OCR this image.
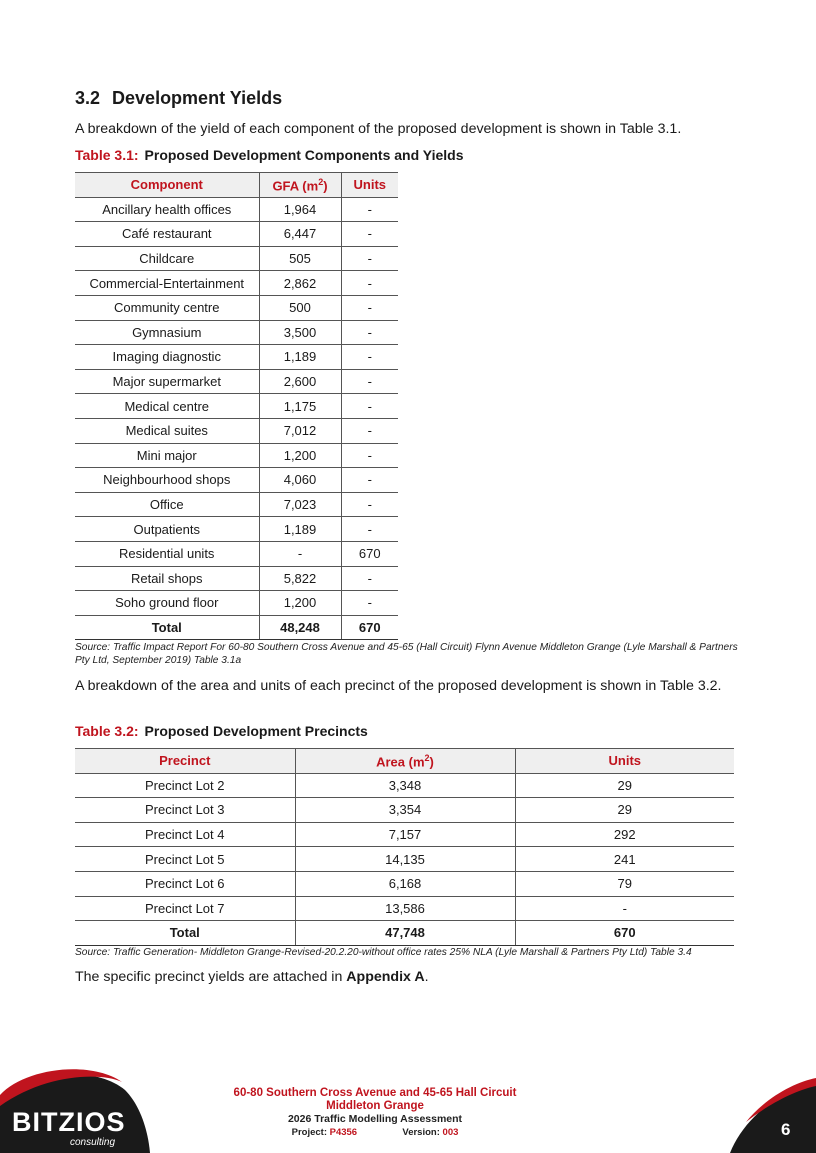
3.2 Development Yields
A breakdown of the yield of each component of the proposed development is shown in Table 3.1.
Table 3.1: Proposed Development Components and Yields
Component	GFA $(m^2)$	Units
Ancillary health offices	1,964	-
Café restaurant	6,447	-
Childcare	505	-
Commercial-Entertainment	2,862	-
Community centre	500	-
Gymnasium	3,500	-
Imaging diagnostic	1,189	-
Major supermarket	2,600	-
Medical centre	1,175	-
Medical suites	7,012	-
Mini major	1,200	-
Neighbourhood shops	4,060	-
Office	7,023	-
Outpatients	1,189	-
Residential units	-	670
Retail shops	5,822	-
Soho ground floor	1,200	-
Total	48,248	670
Source: Traffic Impact Report For 60-80 Southern Cross Avenue and 45-65 (Hall Circuit) Flynn Avenue Middleton Grange (Lyle Marshall & Partners Pty Ltd, September 2019) Table 3.1a
A breakdown of the area and units of each precinct of the proposed development is shown in Table 3.2.
Table 3.2: Proposed Development Precincts
Precinct	Area $(m^2)$	Units
Precinct Lot 2	3,348	29
Precinct Lot 3	3,354	29
Precinct Lot 4	7,157	292
Precinct Lot 5	14,135	241
Precinct Lot 6	6,168	79
Precinct Lot 7	13,586	-
Total	47,748	670
Source: Traffic Generation- Middleton Grange-Revised-20.2.20-without office rates 25% NLA (Lyle Marshall & Partners Pty Ltd) Table 3.4
The specific precinct yields are attached in Appendix A.
BITZIOS
consulting
60-80 Southern Cross Avenue and 45-65 Hall Circuit Middleton Grange
2026 Traffic Modelling Assessment
Project: P4356	Version: 003	6
